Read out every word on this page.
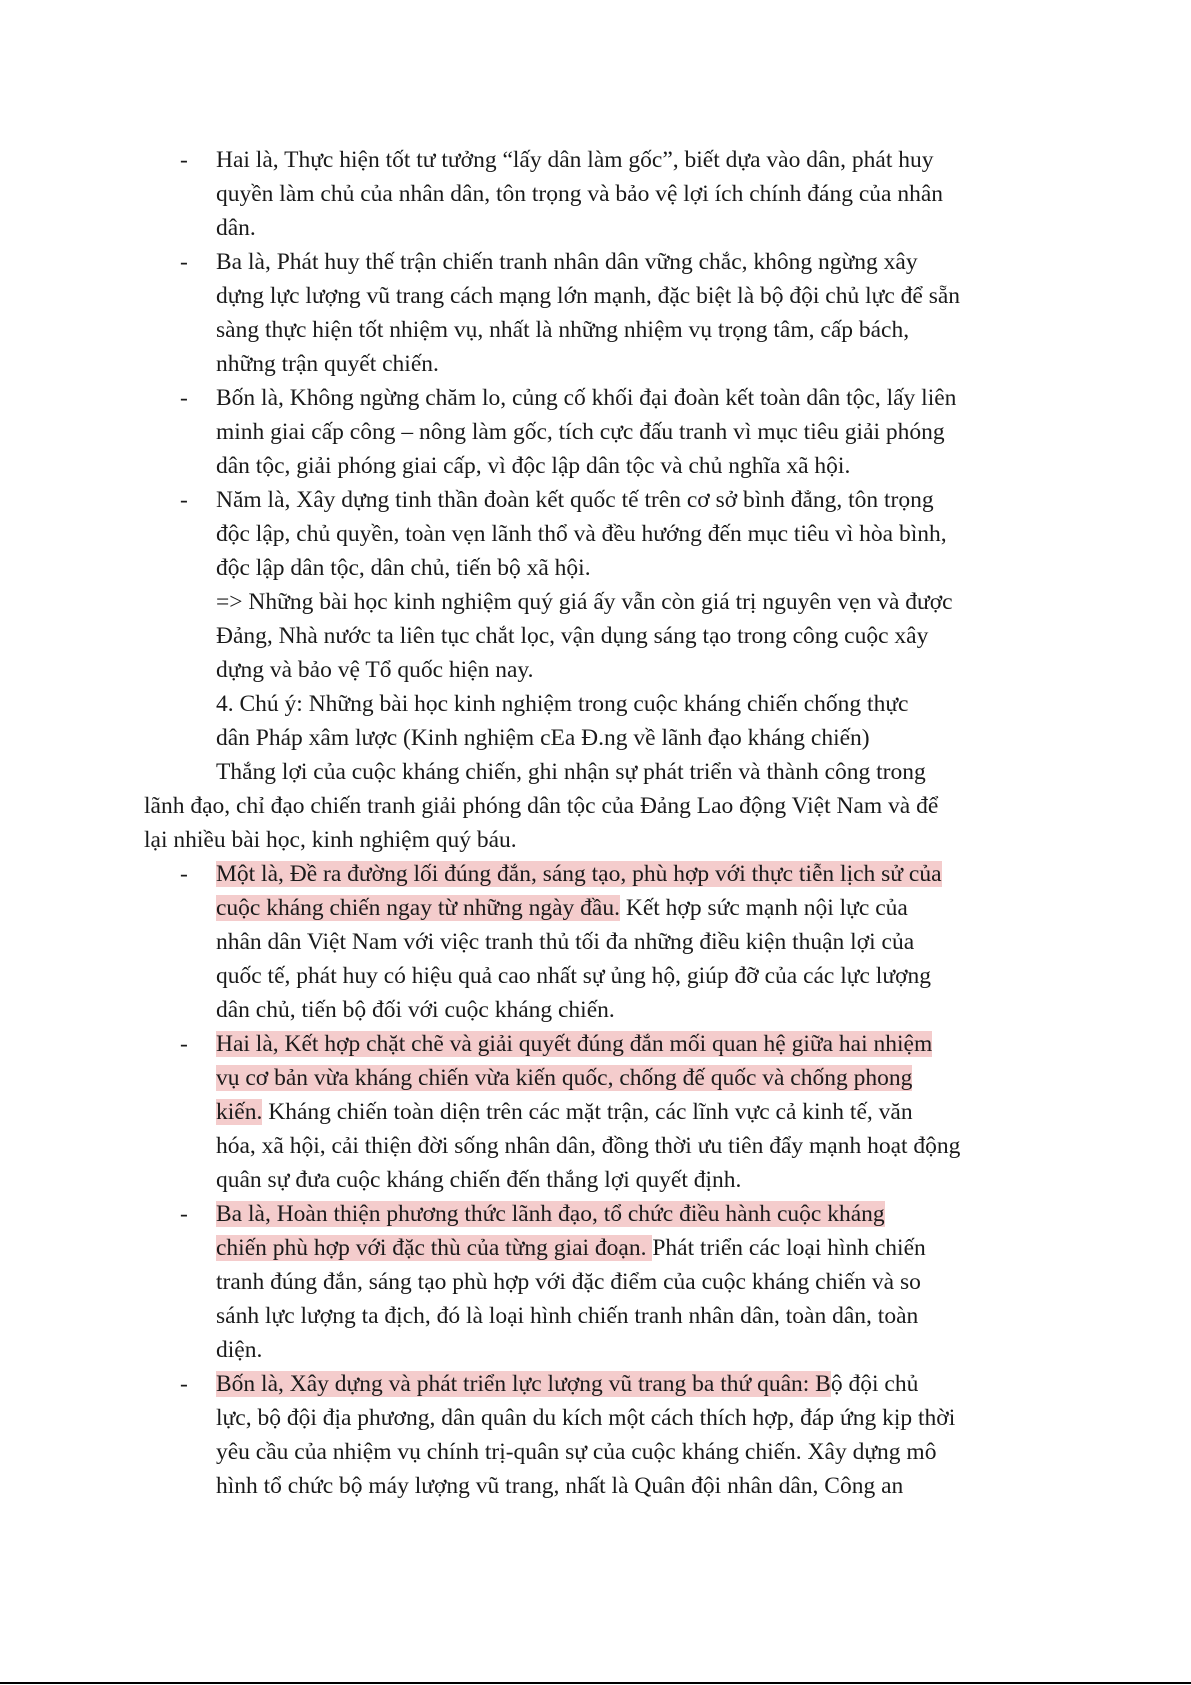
- Hai là, Thực hiện tốt tư tưởng “lấy dân làm gốc”, biết dựa vào dân, phát huy
quyền làm chủ của nhân dân, tôn trọng và bảo vệ lợi ích chính đáng của nhân
dân.
- Ba là, Phát huy thế trận chiến tranh nhân dân vững chắc, không ngừng xây
dựng lực lượng vũ trang cách mạng lớn mạnh, đặc biệt là bộ đội chủ lực để sẵn
sàng thực hiện tốt nhiệm vụ, nhất là những nhiệm vụ trọng tâm, cấp bách,
những trận quyết chiến.
- Bốn là, Không ngừng chăm lo, củng cố khối đại đoàn kết toàn dân tộc, lấy liên
minh giai cấp công – nông làm gốc, tích cực đấu tranh vì mục tiêu giải phóng
dân tộc, giải phóng giai cấp, vì độc lập dân tộc và chủ nghĩa xã hội.
- Năm là, Xây dựng tinh thần đoàn kết quốc tế trên cơ sở bình đẳng, tôn trọng
độc lập, chủ quyền, toàn vẹn lãnh thổ và đều hướng đến mục tiêu vì hòa bình,
độc lập dân tộc, dân chủ, tiến bộ xã hội.
=> Những bài học kinh nghiệm quý giá ấy vẫn còn giá trị nguyên vẹn và được
Đảng, Nhà nước ta liên tục chắt lọc, vận dụng sáng tạo trong công cuộc xây
dựng và bảo vệ Tổ quốc hiện nay.
4. Chú ý: Những bài học kinh nghiệm trong cuộc kháng chiến chống thực
dân Pháp xâm lược (Kinh nghiệm cEa Đ.ng về lãnh đạo kháng chiến)
Thắng lợi của cuộc kháng chiến, ghi nhận sự phát triển và thành công trong
lãnh đạo, chỉ đạo chiến tranh giải phóng dân tộc của Đảng Lao động Việt Nam và để
lại nhiều bài học, kinh nghiệm quý báu.
- Một là, Đề ra đường lối đúng đắn, sáng tạo, phù hợp với thực tiễn lịch sử của
cuộc kháng chiến ngay từ những ngày đầu. Kết hợp sức mạnh nội lực của
nhân dân Việt Nam với việc tranh thủ tối đa những điều kiện thuận lợi của
quốc tế, phát huy có hiệu quả cao nhất sự ủng hộ, giúp đỡ của các lực lượng
dân chủ, tiến bộ đối với cuộc kháng chiến.
- Hai là, Kết hợp chặt chẽ và giải quyết đúng đắn mối quan hệ giữa hai nhiệm
vụ cơ bản vừa kháng chiến vừa kiến quốc, chống đế quốc và chống phong
kiến. Kháng chiến toàn diện trên các mặt trận, các lĩnh vực cả kinh tế, văn
hóa, xã hội, cải thiện đời sống nhân dân, đồng thời ưu tiên đẩy mạnh hoạt động
quân sự đưa cuộc kháng chiến đến thắng lợi quyết định.
- Ba là, Hoàn thiện phương thức lãnh đạo, tổ chức điều hành cuộc kháng
chiến phù hợp với đặc thù của từng giai đoạn. Phát triển các loại hình chiến
tranh đúng đắn, sáng tạo phù hợp với đặc điểm của cuộc kháng chiến và so
sánh lực lượng ta địch, đó là loại hình chiến tranh nhân dân, toàn dân, toàn
diện.
- Bốn là, Xây dựng và phát triển lực lượng vũ trang ba thứ quân: Bộ đội chủ
lực, bộ đội địa phương, dân quân du kích một cách thích hợp, đáp ứng kịp thời
yêu cầu của nhiệm vụ chính trị-quân sự của cuộc kháng chiến. Xây dựng mô
hình tổ chức bộ máy lượng vũ trang, nhất là Quân đội nhân dân, Công an
